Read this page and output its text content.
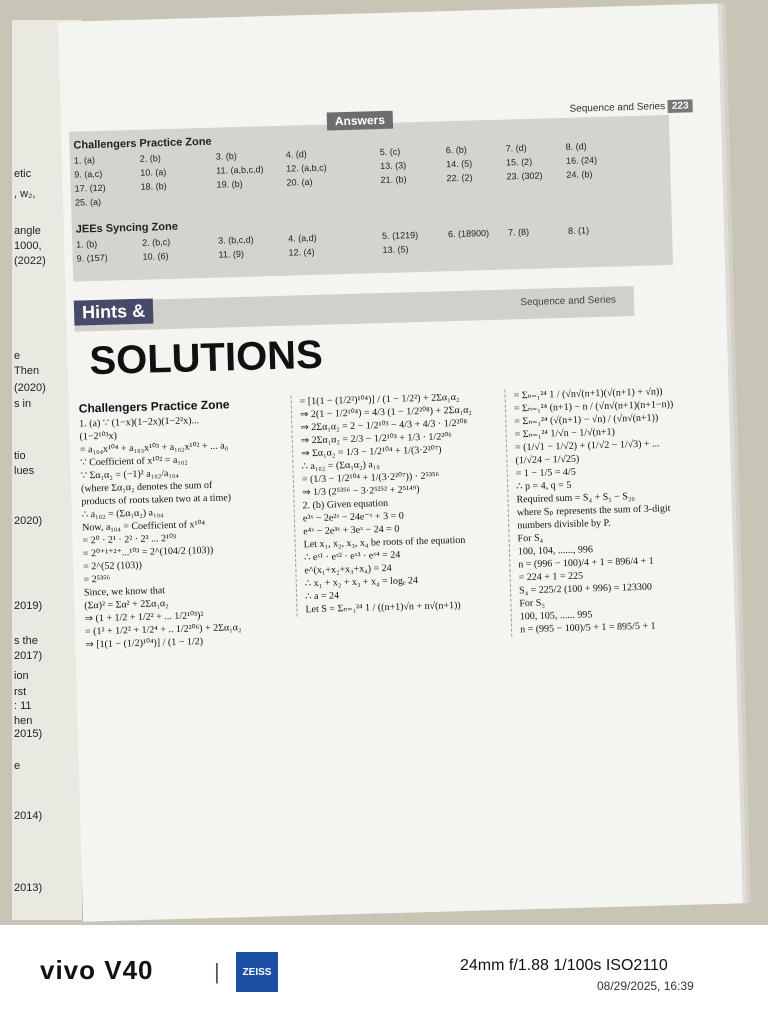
etic
, w₂,
angle
1000,
(2022)
e
Then
(2020)
s in
tio
lues
2020)
2019)
s the
2017)
ion
rst
: 11
hen
2015)
e
2014)
2013)
Sequence and Series 223
Answers
Challengers Practice Zone
1. (a)	2. (b)	3. (b)	4. (d)	5. (c)	6. (b)	7. (d)	8. (d)
9. (a,c)	10. (a)	11. (a,b,c,d) 12. (a,b,c)	13. (3)	14. (5)	15. (2)	16. (24)
17. (12)	18. (b)	19. (b)	20. (a)	21. (b)	22. (2)	23. (302)	24. (b)
25. (a)
JEEs Syncing Zone
1. (b)	2. (b,c)	3. (b,c,d)	4. (a,d)	5. (1219)	6. (18900) 7. (8)	8. (1)
9. (157)	10. (6)	11. (9)	12. (4)	13. (5)
Sequence and Series
Hints &
SOLUTIONS
Challengers Practice Zone
1. (a) ∵ (1−x)(1−2x)(1−2²x)...
(1−2¹⁰³x)
= a₁₀₄x¹⁰⁴ + a₁₀₃x¹⁰³ + a₁₀₂x¹⁰² + ... a₀
∵ Coefficient of x¹⁰² = a₁₀₂
∵ Σα₁α₂ = (−1)² a₁₀₂/a₁₀₄
(where Σα₁α₂ denotes the sum of
products of roots taken two at a time)
∴ a₁₀₂ = (Σα₁α₂) a₁₀₄
Now, a₁₀₄ = Coefficient of x¹⁰⁴
= 2⁰ · 2¹ · 2² · 2³ ... 2¹⁰³
= 2⁰⁺¹⁺²⁺...¹⁰³ = 2^(104/2 (103))
= 2^(52 (103))
= 2⁵³⁵⁶
Since, we know that
(Σα)² = Σα² + 2Σα₁α₂
⇒ (1 + 1/2 + 1/2² + ... 1/2¹⁰³)²
= (1² + 1/2² + 1/2⁴ + .. 1/2²⁰⁶) + 2Σα₁α₂
⇒ [1(1 − (1/2)¹⁰⁴)] / (1 − 1/2)
= [1(1 − (1/2²)¹⁰⁴)] / (1 − 1/2²) + 2Σα₁α₂
⇒ 2(1 − 1/2¹⁰⁴) = 4/3 (1 − 1/2²⁰⁸) + 2Σα₁α₂
⇒ 2Σα₁α₂ = 2 − 1/2¹⁰³ − 4/3 + 4/3 · 1/2²⁰⁸
⇒ 2Σα₁α₂ = 2/3 − 1/2¹⁰³ + 1/3 · 1/2²⁰⁶
⇒ Σα₁α₂ = 1/3 − 1/2¹⁰⁴ + 1/(3·2²⁰⁷)
∴ a₁₀₂ = (Σα₁α₂) a₁₀
= (1/3 − 1/2¹⁰⁴ + 1/(3·2²⁰⁷)) · 2⁵³⁵⁶
⇒ 1/3 (2⁵³⁵⁶ − 3·2⁵²⁵² + 2⁵¹⁴⁹)
2. (b) Given equation
e³ˣ − 2e²ˣ − 24e⁻ˣ + 3 = 0
e⁴ˣ − 2e³ˣ + 3eˣ − 24 = 0
Let x₁, x₂, x₃, x₄ be roots of the equation
∴ eˣ¹ · eˣ² · eˣ³ · eˣ⁴ = 24
e^(x₁+x₂+x₃+x₄) = 24
∴ x₁ + x₂ + x₃ + x₄ = logₑ 24
∴ a = 24
Let S = Σₙ₌₁²⁴ 1 / ((n+1)√n + n√(n+1))
= Σₙ₌₁²⁴ 1 / (√n√(n+1)(√(n+1) + √n))
= Σₙ₌₁²⁴ (n+1) − n / (√n√(n+1)(n+1−n))
= Σₙ₌₁²⁴ (√(n+1) − √n) / (√n√(n+1))
= Σₙ₌₁²⁴ 1/√n − 1/√(n+1)
= (1/√1 − 1/√2) + (1/√2 − 1/√3) + ...
(1/√24 − 1/√25)
= 1 − 1/5 = 4/5
∴ p = 4, q = 5
Required sum = S₄ + S₅ − S₂₀
where Sₚ represents the sum of 3-digit
numbers divisible by P.
For S₄
100, 104, ......, 996
n = (996 − 100)/4 + 1 = 896/4 + 1
= 224 + 1 = 225
S₄ = 225/2 (100 + 996) = 123300
For S₅
100, 105, ...... 995
n = (995 − 100)/5 + 1 = 895/5 + 1
vivo V40	|	ZEISS	24mm f/1.88 1/100s ISO2110
08/29/2025, 16:39
